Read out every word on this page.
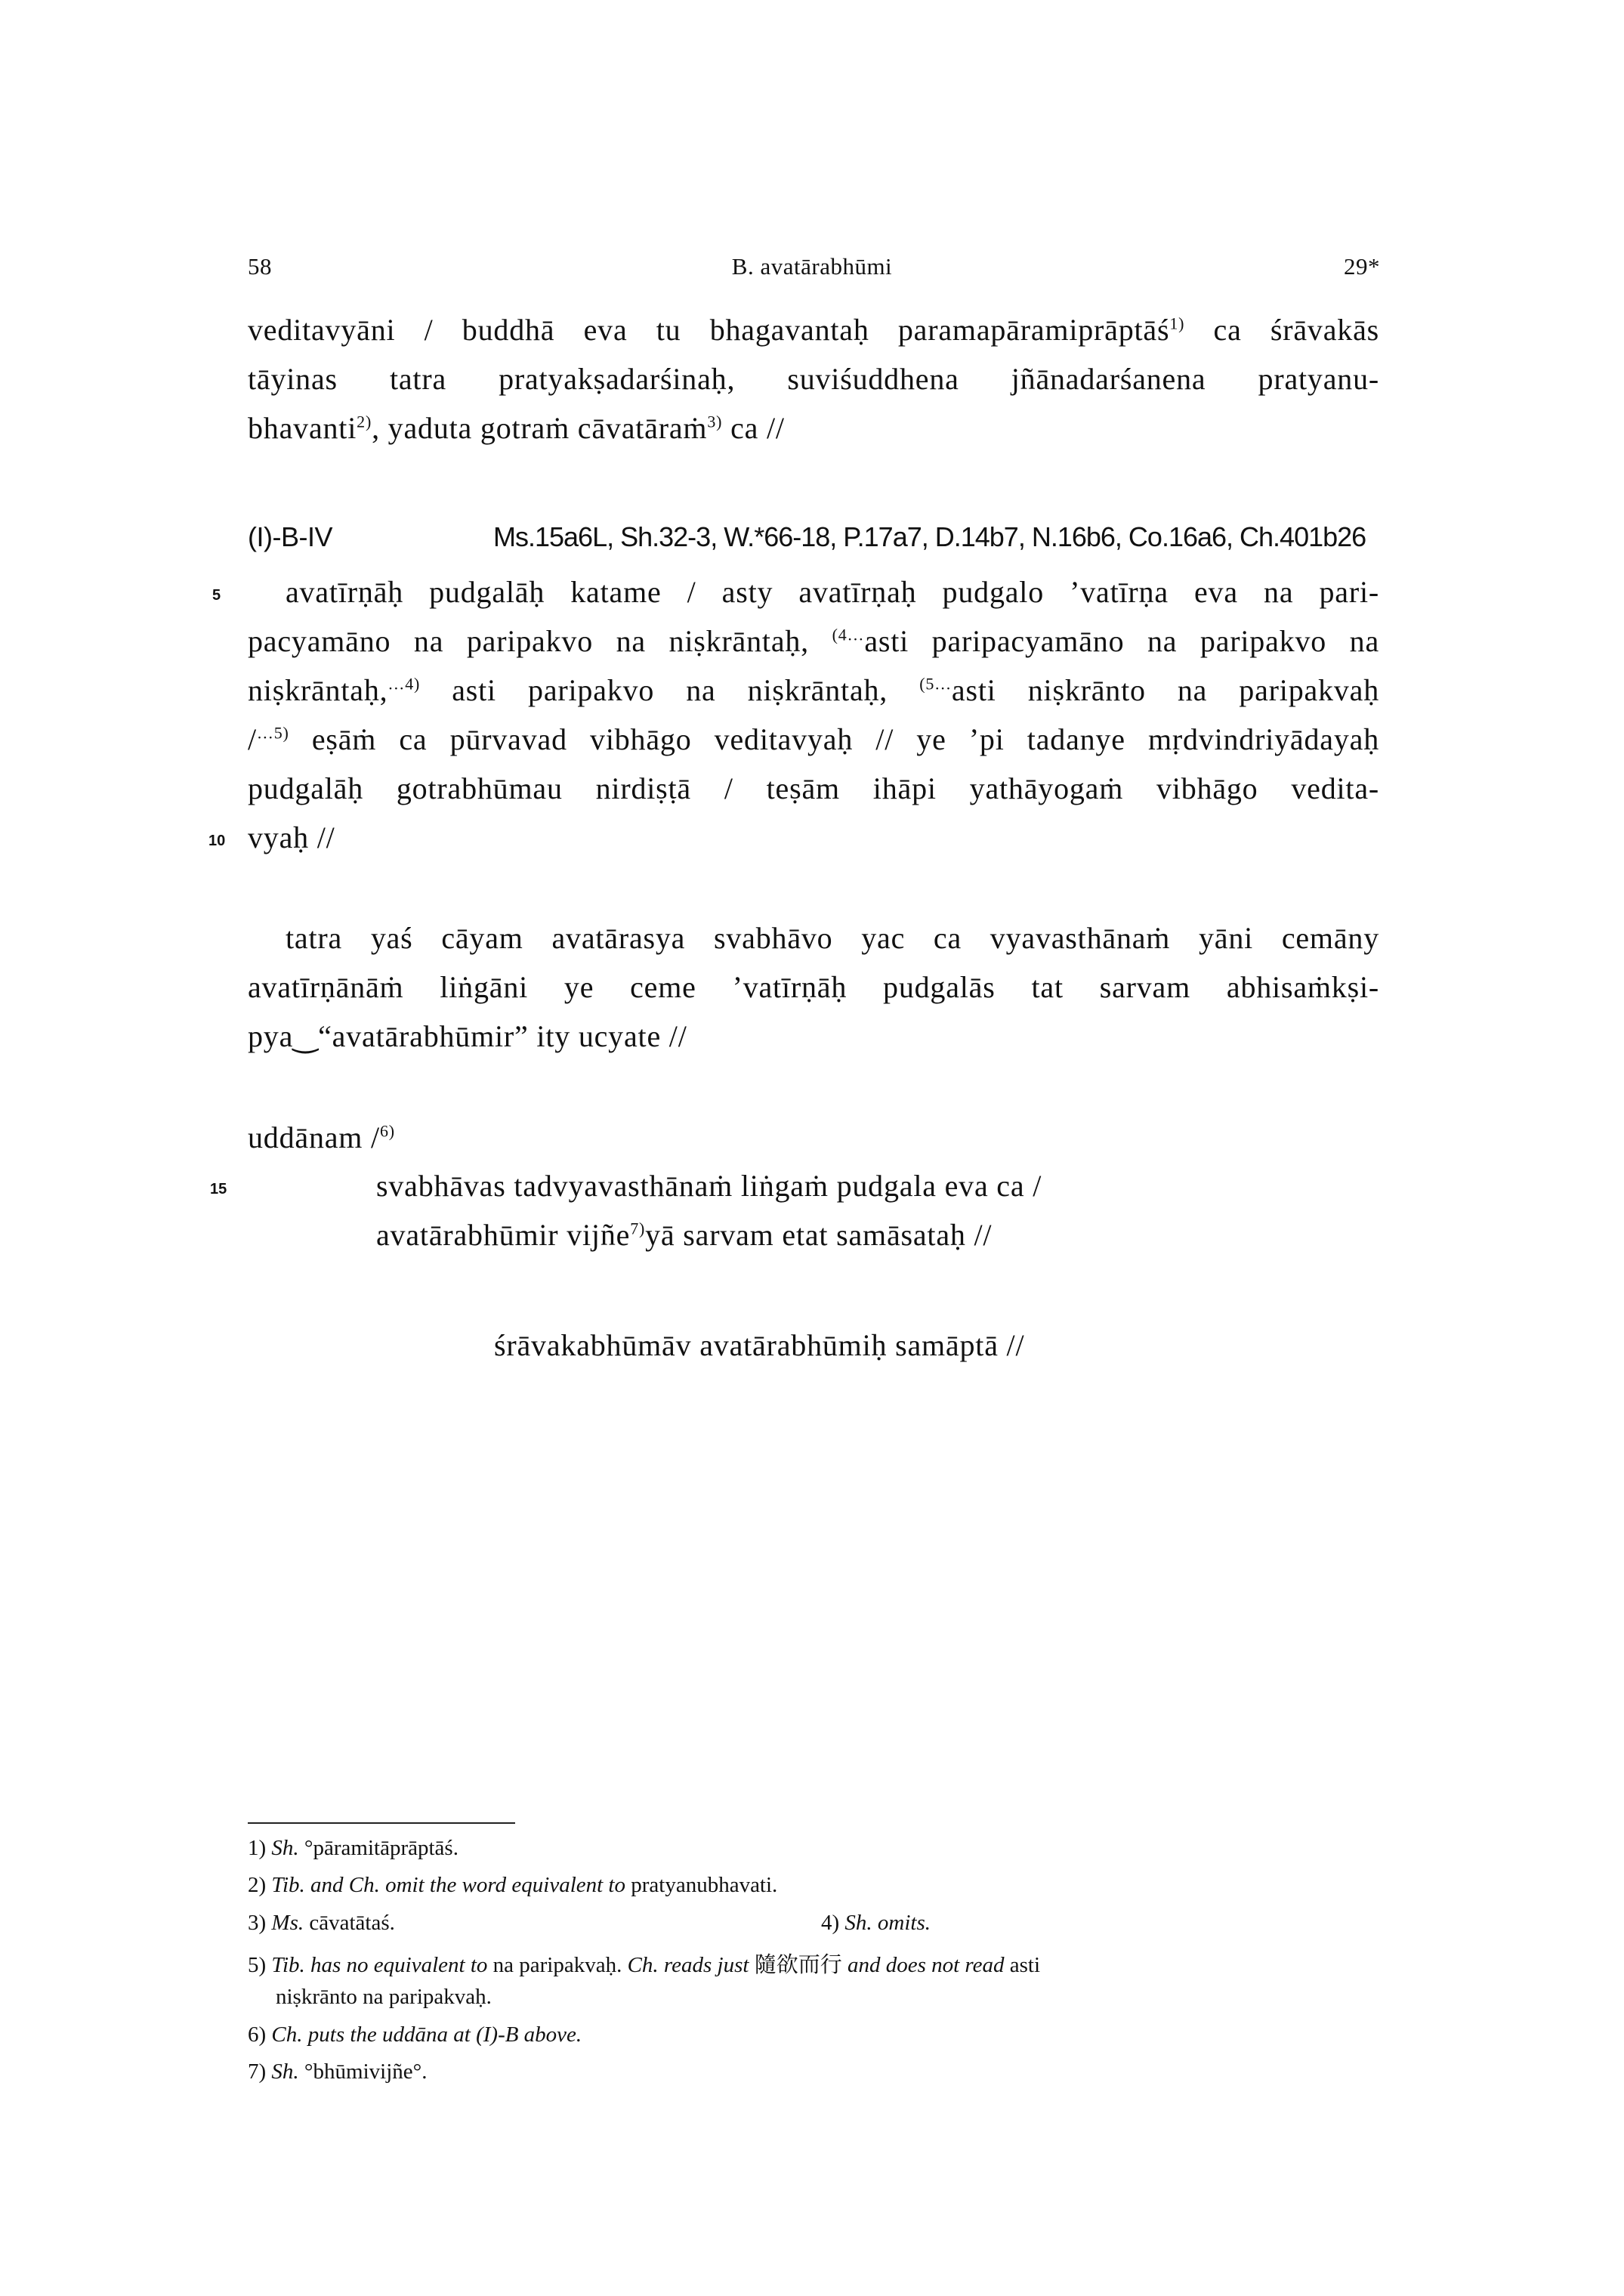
58	B. avatārabhūmi	29*
veditavyāni / buddhā eva tu bhagavantaḥ paramapāramiprāptāś$^{1)}$ ca śrāvakās
tāyinas tatra pratyakṣadarśinaḥ, suviśuddhena jñānadarśanena pratyanu-
bhavanti$^{2)}$, yaduta gotraṁ cāvatāraṁ$^{3)}$ ca //
(I)-B-IV	Ms.15a6L, Sh.32-3, W.*66-18, P.17a7, D.14b7, N.16b6, Co.16a6, Ch.401b26
5 avatīrṇāḥ pudgalāḥ katame / asty avatīrṇaḥ pudgalo ’vatīrṇa eva na pari-
pacyamāno na paripakvo na niṣkrāntaḥ, $^{(4\dots}$asti paripacyamāno na paripakvo na
niṣkrāntaḥ,$^{\dots 4)}$ asti paripakvo na niṣkrāntaḥ, $^{(5\dots}$asti niṣkrānto na paripakvaḥ
/$^{\dots 5)}$ eṣāṁ ca pūrvavad vibhāgo veditavyaḥ // ye ’pi tadanye mṛdvindriyādayaḥ
pudgalāḥ gotrabhūmau nirdiṣṭā / teṣām ihāpi yathāyogaṁ vibhāgo vedita-
10 vyaḥ //
tatra yaś cāyam avatārasya svabhāvo yac ca vyavasthānaṁ yāni cemāny
avatīrṇānāṁ liṅgāni ye ceme ’vatīrṇāḥ pudgalās tat sarvam abhisaṁkṣi-
pya‿“avatārabhūmir” ity ucyate //
uddānam /$^{6)}$
15	svabhāvas tadvyavasthānaṁ liṅgaṁ pudgala eva ca /
avatārabhūmir vijñe$^{7)}$yā sarvam etat samāsataḥ //
śrāvakabhūmāv avatārabhūmiḥ samāptā //
1) Sh. °pāramitāprāptāś.
2) Tib. and Ch. omit the word equivalent to pratyanubhavati.
3) Ms. cāvatātaś.	4) Sh. omits.
5) Tib. has no equivalent to na paripakvaḥ. Ch. reads just 隨欲而行 and does not read asti
niṣkrānto na paripakvaḥ.
6) Ch. puts the uddāna at (I)-B above.
7) Sh. °bhūmivijñe°.
